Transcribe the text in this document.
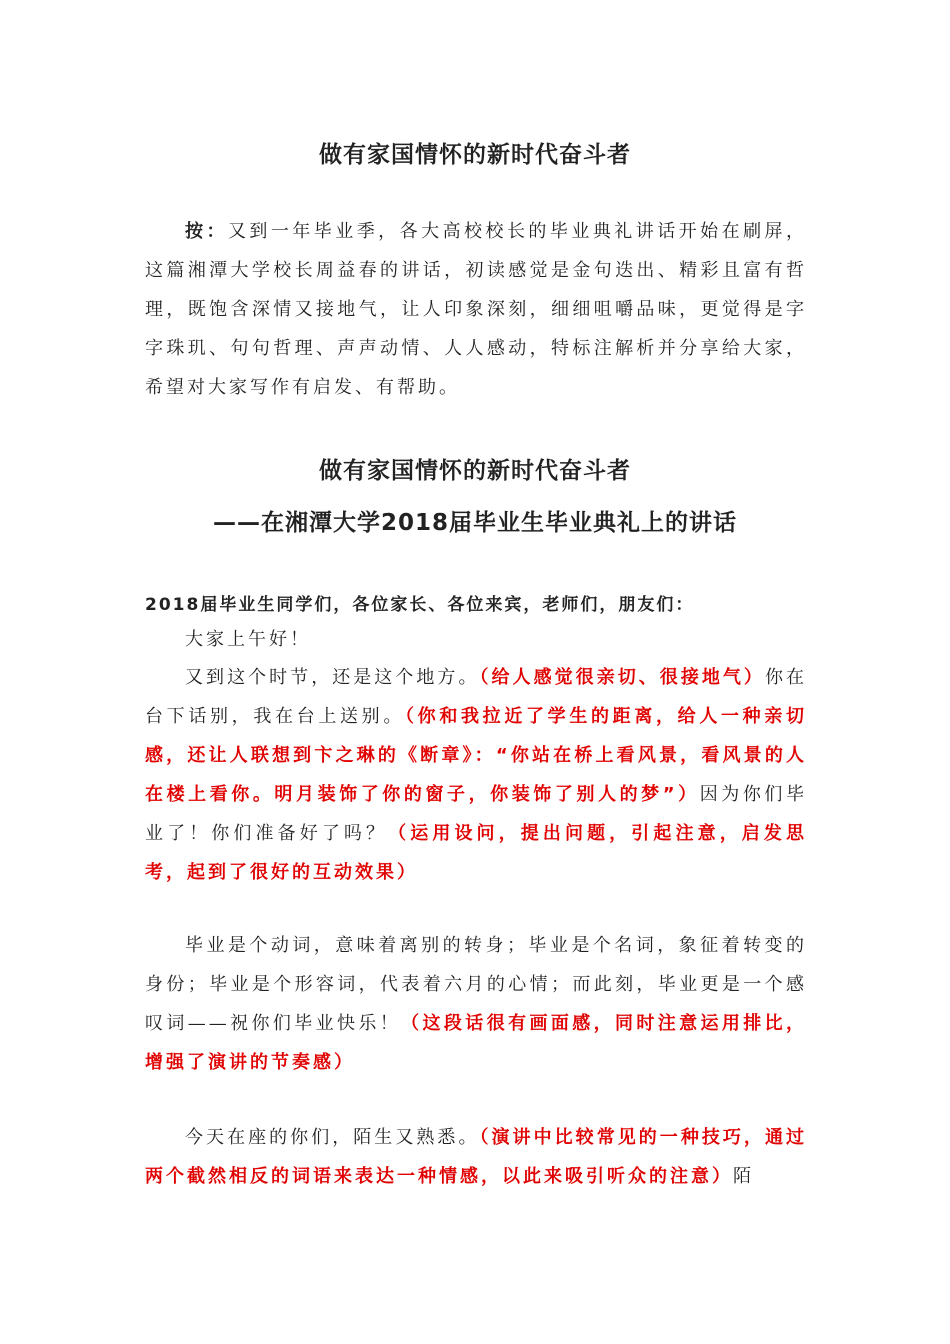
做有家国情怀的新时代奋斗者

按：又到一年毕业季，各大高校校长的毕业典礼讲话开始在刷屏，这篇湘潭大学校长周益春的讲话，初读感觉是金句迭出、精彩且富有哲理，既饱含深情又接地气，让人印象深刻，细细咀嚼品味，更觉得是字字珠玑、句句哲理、声声动情、人人感动，特标注解析并分享给大家，希望对大家写作有启发、有帮助。

做有家国情怀的新时代奋斗者
——在湘潭大学2018届毕业生毕业典礼上的讲话

2018届毕业生同学们，各位家长、各位来宾，老师们，朋友们：

大家上午好！

又到这个时节，还是这个地方。（给人感觉很亲切、很接地气）你在台下话别，我在台上送别。（你和我拉近了学生的距离，给人一种亲切感，还让人联想到卞之琳的《断章》：“你站在桥上看风景，看风景的人在楼上看你。明月装饰了你的窗子，你装饰了别人的梦”）因为你们毕业了！你们准备好了吗？（运用设问，提出问题，引起注意，启发思考，起到了很好的互动效果）

毕业是个动词，意味着离别的转身；毕业是个名词，象征着转变的身份；毕业是个形容词，代表着六月的心情；而此刻，毕业更是一个感叹词——祝你们毕业快乐！（这段话很有画面感，同时注意运用排比，增强了演讲的节奏感）

今天在座的你们，陌生又熟悉。（演讲中比较常见的一种技巧，通过两个截然相反的词语来表达一种情感，以此来吸引听众的注意）陌
